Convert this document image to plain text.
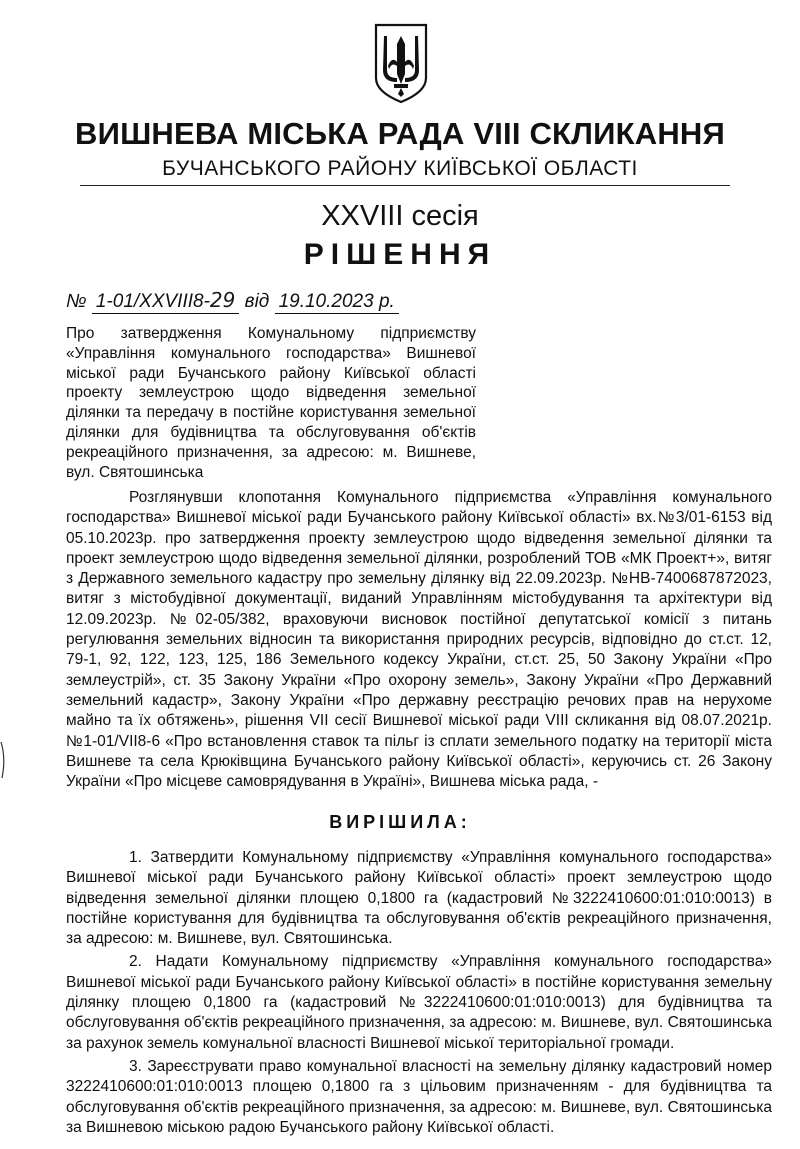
ВИШНЕВА МІСЬКА РАДА VIII СКЛИКАННЯ
БУЧАНСЬКОГО РАЙОНУ КИЇВСЬКОЇ ОБЛАСТІ
XXVIII сесія
РІШЕННЯ
№ 1-01/XXVIII8-29 від 19.10.2023 р.
Про затвердження Комунальному підприємству «Управління комунального господарства» Вишневої міської ради Бучанського району Київської області проекту землеустрою щодо відведення земельної ділянки та передачу в постійне користування земельної ділянки для будівництва та обслуговування об'єктів рекреаційного призначення, за адресою: м. Вишневе, вул. Святошинська

Розглянувши клопотання Комунального підприємства «Управління комунального господарства» Вишневої міської ради Бучанського району Київської області» вх.№3/01-6153 від 05.10.2023р. про затвердження проекту землеустрою щодо відведення земельної ділянки та проект землеустрою щодо відведення земельної ділянки, розроблений ТОВ «МК Проект+», витяг з Державного земельного кадастру про земельну ділянку від 22.09.2023р. №НВ-7400687872023, витяг з містобудівної документації, виданий Управлінням містобудування та архітектури від 12.09.2023р. №02-05/382, враховуючи висновок постійної депутатської комісії з питань регулювання земельних відносин та використання природних ресурсів, відповідно до ст.ст. 12, 79-1, 92, 122, 123, 125, 186 Земельного кодексу України, ст.ст. 25, 50 Закону України «Про землеустрій», ст. 35 Закону України «Про охорону земель», Закону України «Про Державний земельний кадастр», Закону України «Про державну реєстрацію речових прав на нерухоме майно та їх обтяжень», рішення VII сесії Вишневої міської ради VIII скликання від 08.07.2021р. №1-01/VII8-6 «Про встановлення ставок та пільг із сплати земельного податку на території міста Вишневе та села Крюківщина Бучанського району Київської області», керуючись ст. 26 Закону України «Про місцеве самоврядування в Україні», Вишнева міська рада, -

ВИРІШИЛА:

1. Затвердити Комунальному підприємству «Управління комунального господарства» Вишневої міської ради Бучанського району Київської області» проект землеустрою щодо відведення земельної ділянки площею 0,1800 га (кадастровий №3222410600:01:010:0013) в постійне користування для будівництва та обслуговування об'єктів рекреаційного призначення, за адресою: м. Вишневе, вул. Святошинська.

2. Надати Комунальному підприємству «Управління комунального господарства» Вишневої міської ради Бучанського району Київської області» в постійне користування земельну ділянку площею 0,1800 га (кадастровий №3222410600:01:010:0013) для будівництва та обслуговування об'єктів рекреаційного призначення, за адресою: м. Вишневе, вул. Святошинська за рахунок земель комунальної власності Вишневої міської територіальної громади.

3. Зареєструвати право комунальної власності на земельну ділянку кадастровий номер 3222410600:01:010:0013 площею 0,1800 га з цільовим призначенням - для будівництва та обслуговування об'єктів рекреаційного призначення, за адресою: м. Вишневе, вул. Святошинська за Вишневою міською радою Бучанського району Київської області.
